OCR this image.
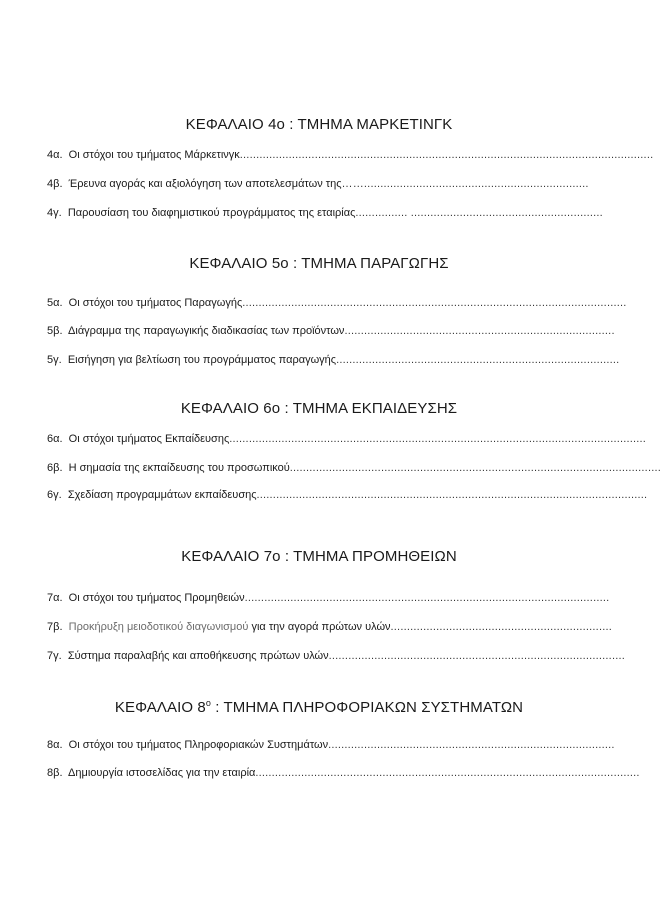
ΚΕΦΑΛΑΙΟ 4ο : ΤΜΗΜΑ ΜΑΡΚΕΤΙΝΓΚ

4α. Οι στόχοι του τμήματος Μάρκετινγκ...............................................................................................................................
4β. Έρευνα αγοράς και αξιολόγηση των αποτελεσμάτων της…….....................................................................
4γ. Παρουσίαση του διαφημιστικού προγράμματος της εταιρίας................ ...........................................................

ΚΕΦΑΛΑΙΟ 5ο : ΤΜΗΜΑ ΠΑΡΑΓΩΓΗΣ

5α. Οι στόχοι του τμήματος Παραγωγής......................................................................................................................
5β. Διάγραμμα της παραγωγικής διαδικασίας των προϊόντων...................................................................................
5γ. Εισήγηση για βελτίωση του προγράμματος παραγωγής.......................................................................................

ΚΕΦΑΛΑΙΟ 6ο : ΤΜΗΜΑ ΕΚΠΑΙΔΕΥΣΗΣ

6α. Οι στόχοι τμήματος Εκπαίδευσης................................................................................................................................
6β. Η σημασία της εκπαίδευσης του προσωπικού..................................................................................................................
6γ. Σχεδίαση προγραμμάτων εκπαίδευσης........................................................................................................................

ΚΕΦΑΛΑΙΟ 7ο : ΤΜΗΜΑ ΠΡΟΜΗΘΕΙΩΝ

7α. Οι στόχοι του τμήματος Προμηθειών................................................................................................................
7β. Προκήρυξη μειοδοτικού διαγωνισμού για την αγορά πρώτων υλών....................................................................
7γ. Σύστημα παραλαβής και αποθήκευσης πρώτων υλών...........................................................................................

ΚΕΦΑΛΑΙΟ $8^o$ : ΤΜΗΜΑ ΠΛΗΡΟΦΟΡΙΑΚΩΝ ΣΥΣΤΗΜΑΤΩΝ

8α. Οι στόχοι του τμήματος Πληροφοριακών Συστημάτων........................................................................................
8β. Δημιουργία ιστοσελίδας για την εταιρία......................................................................................................................
